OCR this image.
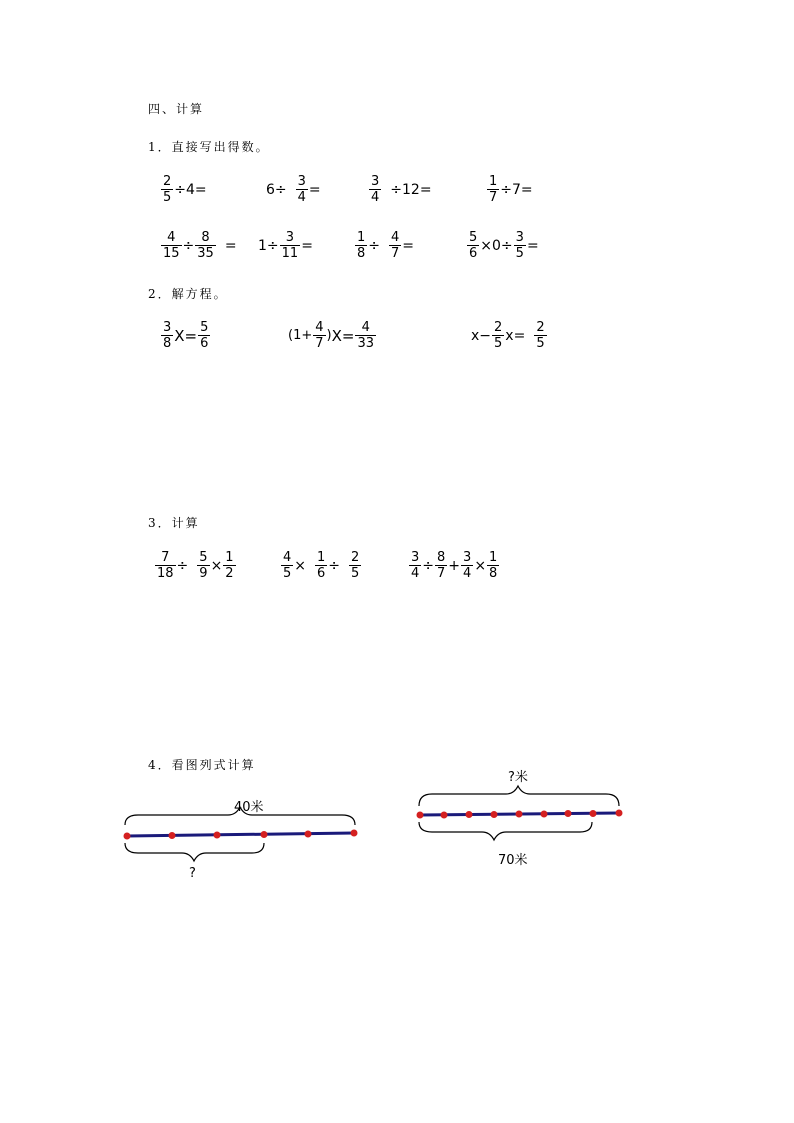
四、计算
1．直接写出得数。
$\frac{2}{5} \div 4=$	$6\div \frac{3}{4}$ =	$\frac{3}{4} \div 12=$	$\frac{1}{7} \div 7=$
$\frac{4}{15} \div \frac{8}{35} = 1\div \frac{3}{11}$ =	$\frac{1}{8} \div \frac{4}{7}$ =	$\frac{5}{6} \times 0\div \frac{3}{5}$ =
2．解方程。
$\frac{3}{8} X= \frac{5}{6}$	($1+ \frac{4}{7}$ ) $X= \frac{4}{33}$	$x- \frac{2}{5} x= \frac{2}{5}$
3．计算
$\frac{7}{18} \div \frac{5}{9} \times \frac{1}{2}$	$\frac{4}{5} \times \frac{1}{6} \div \frac{2}{5}$	$\frac{3}{4} \div \frac{8}{7} + \frac{3}{4} \times \frac{1}{8}$
4．看图列式计算
40米
?
?米
70米
